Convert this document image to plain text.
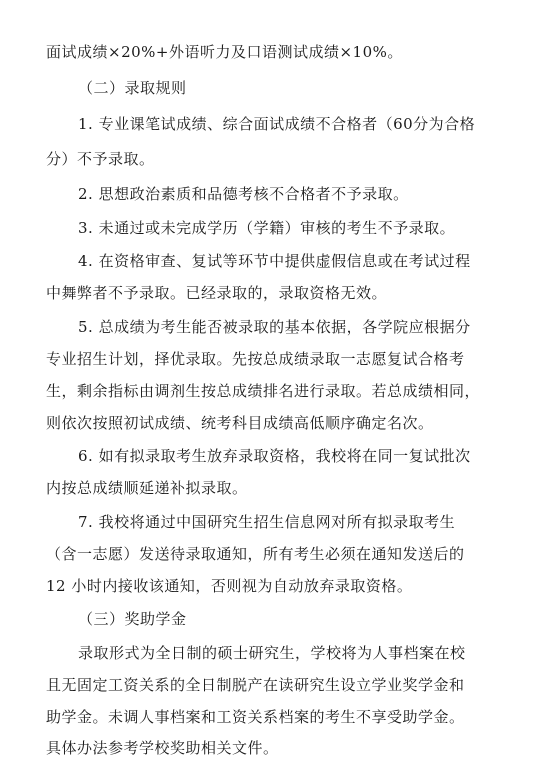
面试成绩×20%+外语听力及口语测试成绩×10%。
（二）录取规则
1. 专业课笔试成绩、综合面试成绩不合格者（60分为合格
分）不予录取。
2. 思想政治素质和品德考核不合格者不予录取。
3. 未通过或未完成学历（学籍）审核的考生不予录取。
4. 在资格审查、复试等环节中提供虚假信息或在考试过程
中舞弊者不予录取。已经录取的，录取资格无效。
5. 总成绩为考生能否被录取的基本依据，各学院应根据分
专业招生计划，择优录取。先按总成绩录取一志愿复试合格考
生，剩余指标由调剂生按总成绩排名进行录取。若总成绩相同，
则依次按照初试成绩、统考科目成绩高低顺序确定名次。
6. 如有拟录取考生放弃录取资格，我校将在同一复试批次
内按总成绩顺延递补拟录取。
7. 我校将通过中国研究生招生信息网对所有拟录取考生
（含一志愿）发送待录取通知，所有考生必须在通知发送后的
12 小时内接收该通知，否则视为自动放弃录取资格。
（三）奖助学金
录取形式为全日制的硕士研究生，学校将为人事档案在校
且无固定工资关系的全日制脱产在读研究生设立学业奖学金和
助学金。未调人事档案和工资关系档案的考生不享受助学金。
具体办法参考学校奖助相关文件。
